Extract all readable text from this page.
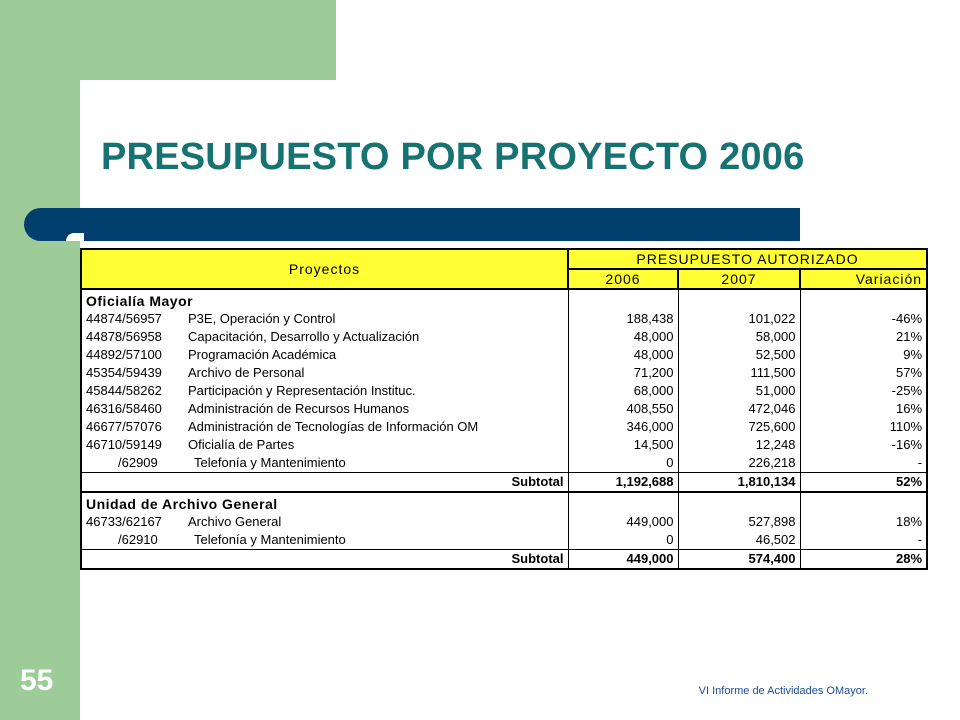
PRESUPUESTO POR PROYECTO 2006
Proyectos	PRESUPUESTO AUTORIZADO		
	2006	2007	Variación
Oficialía Mayor			
44874/56957 P3E, Operación y Control	188,438	101,022	-46%
44878/56958 Capacitación, Desarrollo y Actualización	48,000	58,000	21%
44892/57100 Programación Académica	48,000	52,500	9%
45354/59439 Archivo de Personal	71,200	111,500	57%
45844/58262 Participación y Representación Instituc.	68,000	51,000	-25%
46316/58460 Administración de Recursos Humanos	408,550	472,046	16%
46677/57076 Administración de Tecnologías de Información OM	346,000	725,600	110%
46710/59149 Oficialía de Partes	14,500	12,248	-16%
/62909 Telefonía y Mantenimiento	0	226,218	-
Subtotal	1,192,688	1,810,134	52%
Unidad de Archivo General			
46733/62167 Archivo General	449,000	527,898	18%
/62910 Telefonía y Mantenimiento	0	46,502	-
Subtotal	449,000	574,400	28%
55	VI Informe de Actividades OMayor.
